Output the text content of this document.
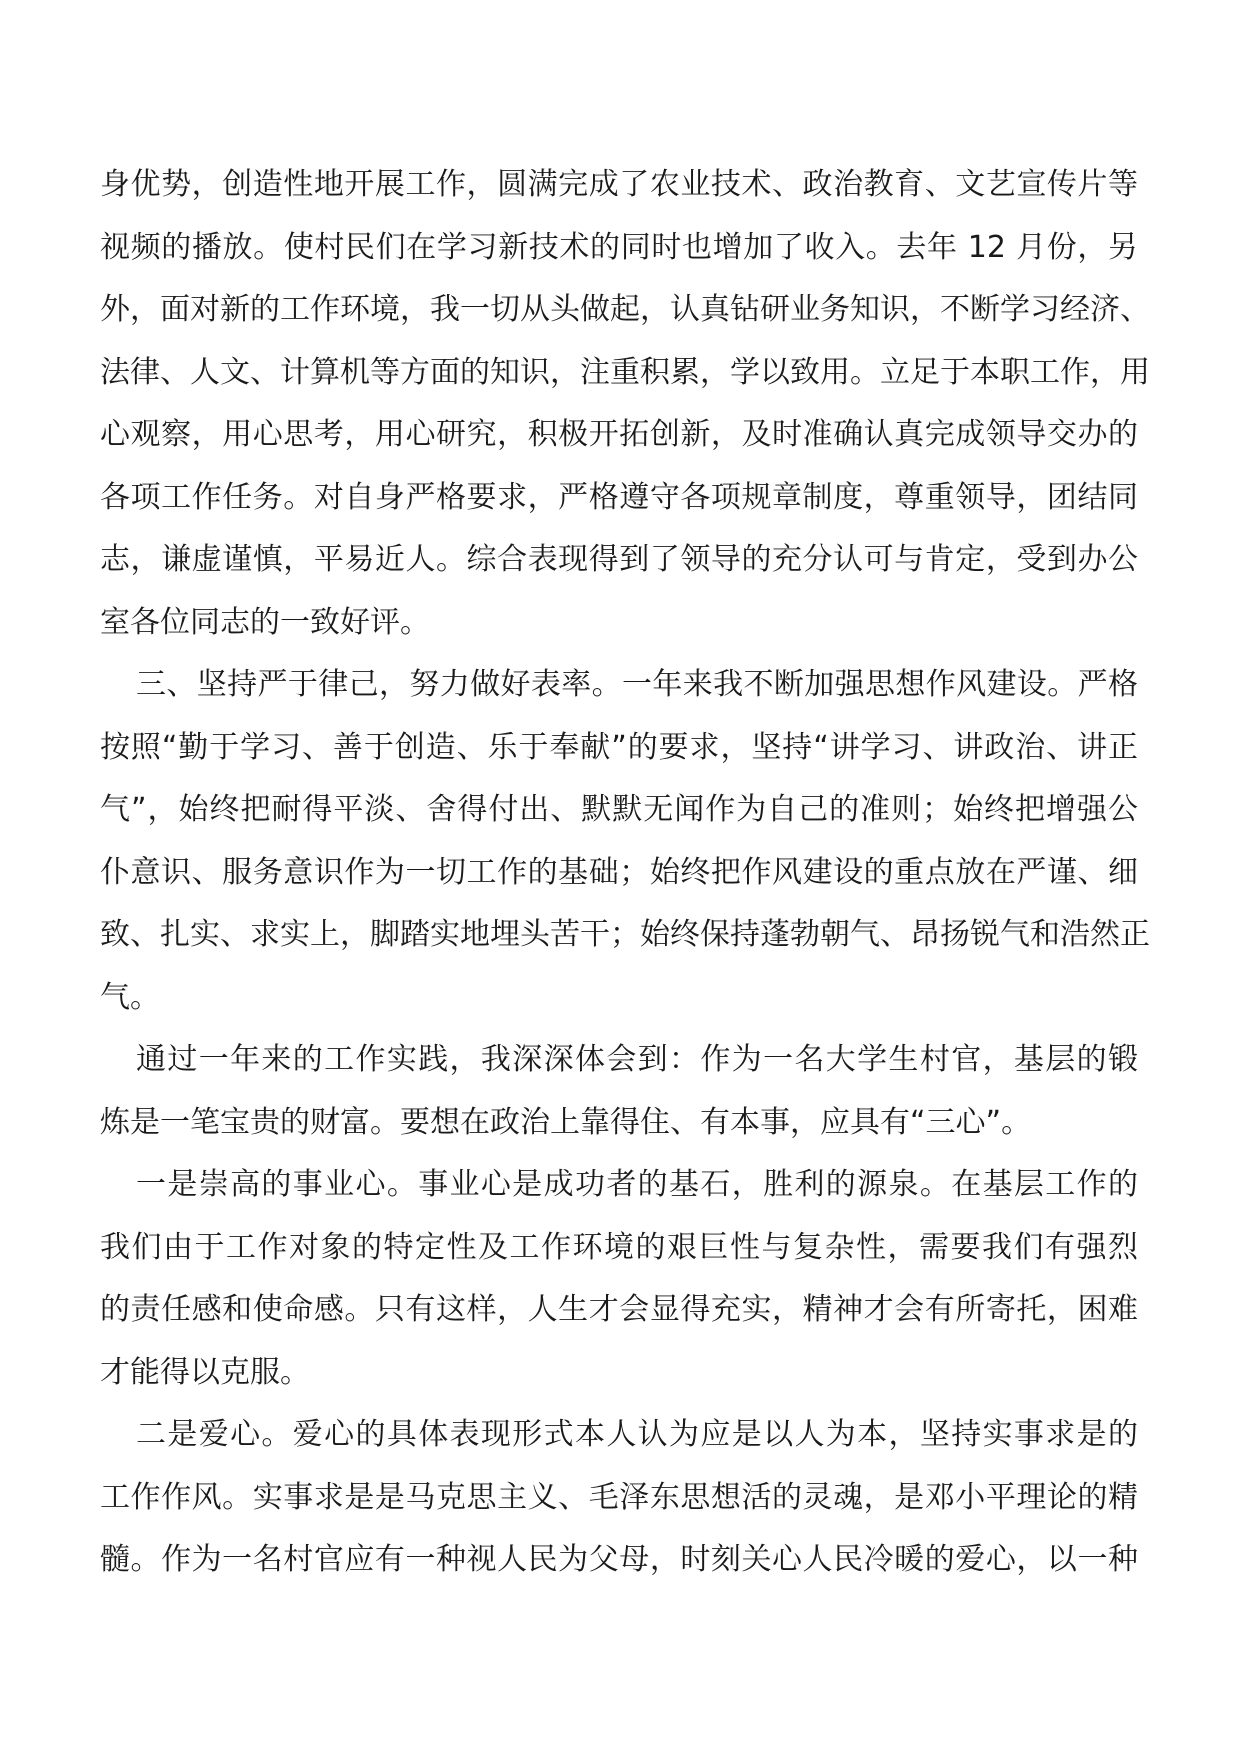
身优势，创造性地开展工作，圆满完成了农业技术、政治教育、文艺宣传片等
视频的播放。使村民们在学习新技术的同时也增加了收入。去年 12 月份，另
外，面对新的工作环境，我一切从头做起，认真钻研业务知识，不断学习经济、
法律、人文、计算机等方面的知识，注重积累，学以致用。立足于本职工作，用
心观察，用心思考，用心研究，积极开拓创新，及时准确认真完成领导交办的
各项工作任务。对自身严格要求，严格遵守各项规章制度，尊重领导，团结同
志，谦虚谨慎，平易近人。综合表现得到了领导的充分认可与肯定，受到办公
室各位同志的一致好评。
三、坚持严于律己，努力做好表率。一年来我不断加强思想作风建设。严格
按照“勤于学习、善于创造、乐于奉献”的要求，坚持“讲学习、讲政治、讲正
气”，始终把耐得平淡、舍得付出、默默无闻作为自己的准则；始终把增强公
仆意识、服务意识作为一切工作的基础；始终把作风建设的重点放在严谨、细
致、扎实、求实上，脚踏实地埋头苦干；始终保持蓬勃朝气、昂扬锐气和浩然正
气。
通过一年来的工作实践，我深深体会到：作为一名大学生村官，基层的锻
炼是一笔宝贵的财富。要想在政治上靠得住、有本事，应具有“三心”。
一是崇高的事业心。事业心是成功者的基石，胜利的源泉。在基层工作的
我们由于工作对象的特定性及工作环境的艰巨性与复杂性，需要我们有强烈
的责任感和使命感。只有这样，人生才会显得充实，精神才会有所寄托，困难
才能得以克服。
二是爱心。爱心的具体表现形式本人认为应是以人为本，坚持实事求是的
工作作风。实事求是是马克思主义、毛泽东思想活的灵魂，是邓小平理论的精
髓。作为一名村官应有一种视人民为父母，时刻关心人民冷暖的爱心，以一种
